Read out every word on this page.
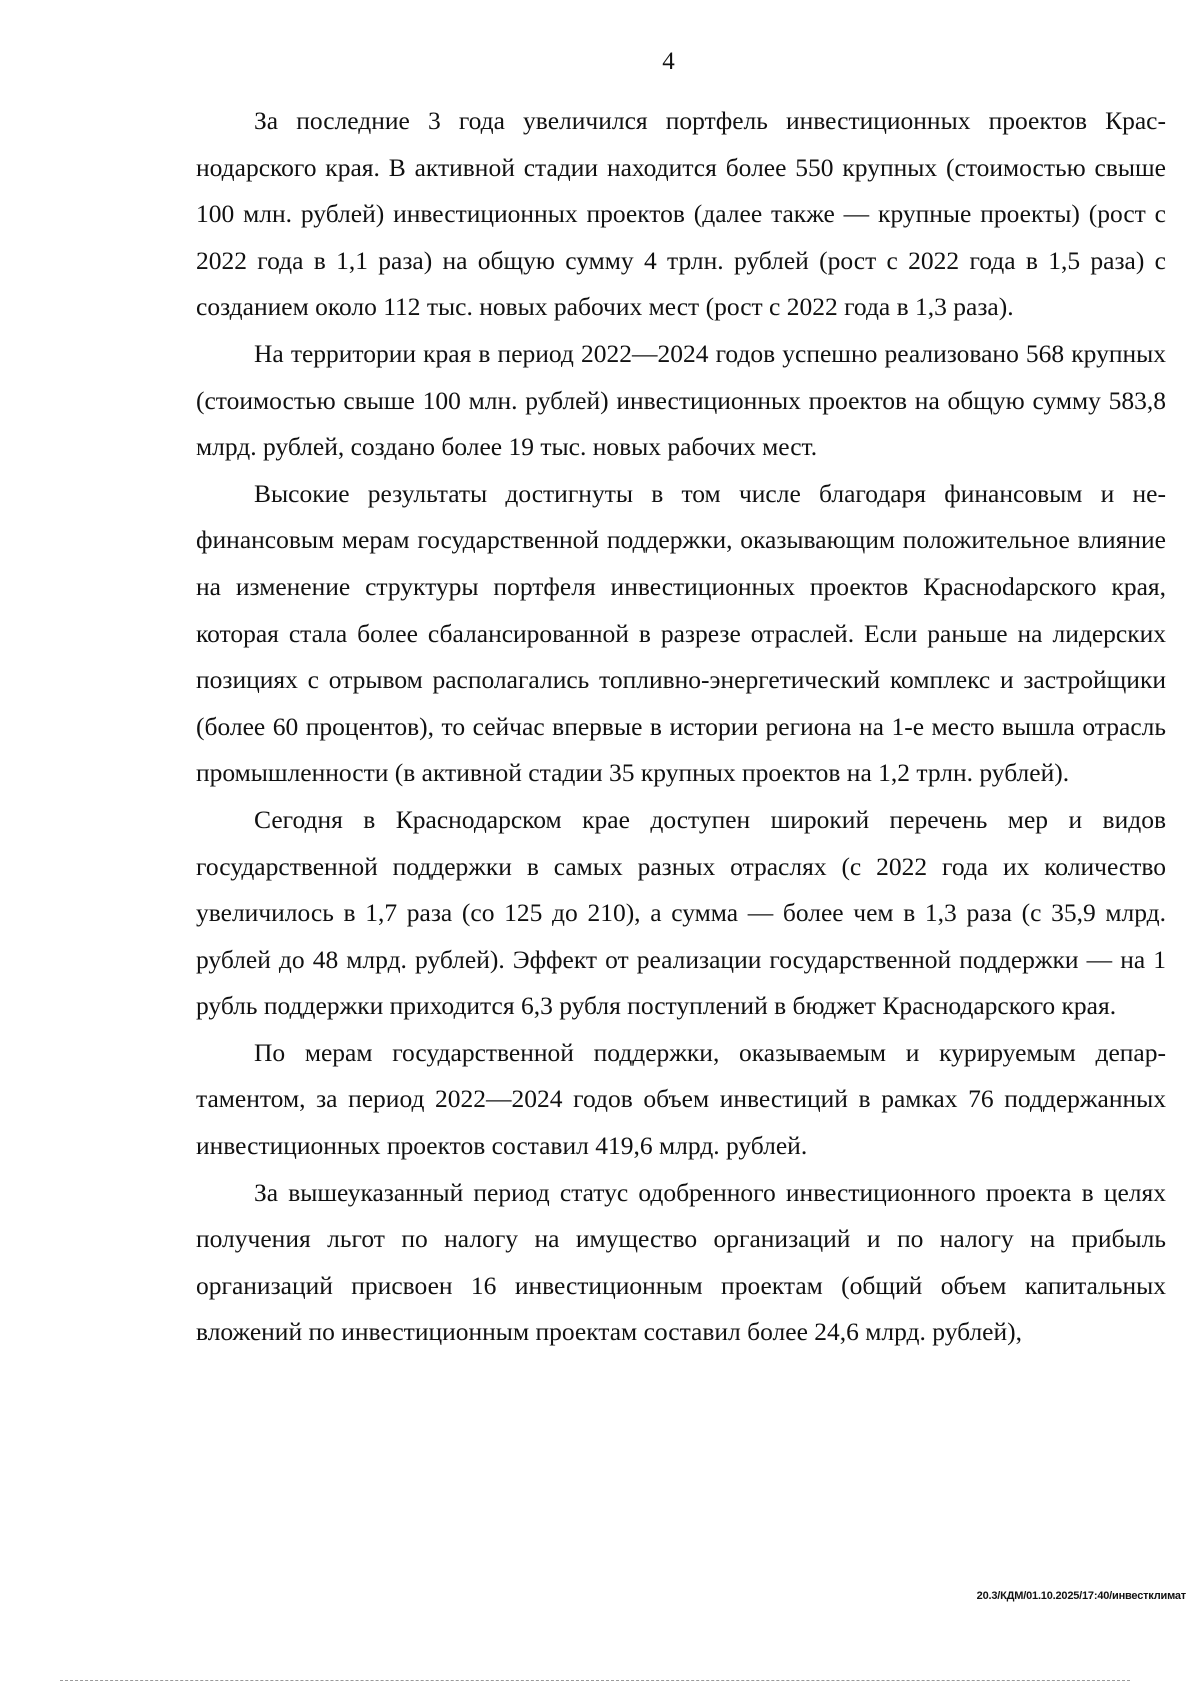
4

За последние 3 года увеличился портфель инвестиционных проектов Краснодарского края. В активной стадии находится более 550 крупных (стоимостью свыше 100 млн. рублей) инвестиционных проектов (далее также — крупные проекты) (рост с 2022 года в 1,1 раза) на общую сумму 4 трлн. рублей (рост с 2022 года в 1,5 раза) с созданием около 112 тыс. новых рабочих мест (рост с 2022 года в 1,3 раза).

На территории края в период 2022—2024 годов успешно реализовано 568 крупных (стоимостью свыше 100 млн. рублей) инвестиционных проектов на общую сумму 583,8 млрд. рублей, создано более 19 тыс. новых рабочих мест.

Высокие результаты достигнуты в том числе благодаря финансовым и нефинансовым мерам государственной поддержки, оказывающим положительное влияние на изменение структуры портфеля инвестиционных проектов Красноdарского края, которая стала более сбалансированной в разрезе отраслей. Если раньше на лидерских позициях с отрывом располагались топливно-энергетический комплекс и застройщики (более 60 процентов), то сейчас впервые в истории региона на 1-е место вышла отрасль промышленности (в активной стадии 35 крупных проектов на 1,2 трлн. рублей).

Сегодня в Краснодарском крае доступен широкий перечень мер и видов государственной поддержки в самых разных отраслях (с 2022 года их количество увеличилось в 1,7 раза (со 125 до 210), а сумма — более чем в 1,3 раза (с 35,9 млрд. рублей до 48 млрд. рублей). Эффект от реализации государственной поддержки — на 1 рубль поддержки приходится 6,3 рубля поступлений в бюджет Краснодарского края.

По мерам государственной поддержки, оказываемым и курируемым департаментом, за период 2022—2024 годов объем инвестиций в рамках 76 поддержанных инвестиционных проектов составил 419,6 млрд. рублей.

За вышеуказанный период статус одобренного инвестиционного проекта в целях получения льгот по налогу на имущество организаций и по налогу на прибыль организаций присвоен 16 инвестиционным проектам (общий объем капитальных вложений по инвестиционным проектам составил более 24,6 млрд. рублей),

20.3/КДМ/01.10.2025/17:40/инвестклимат
